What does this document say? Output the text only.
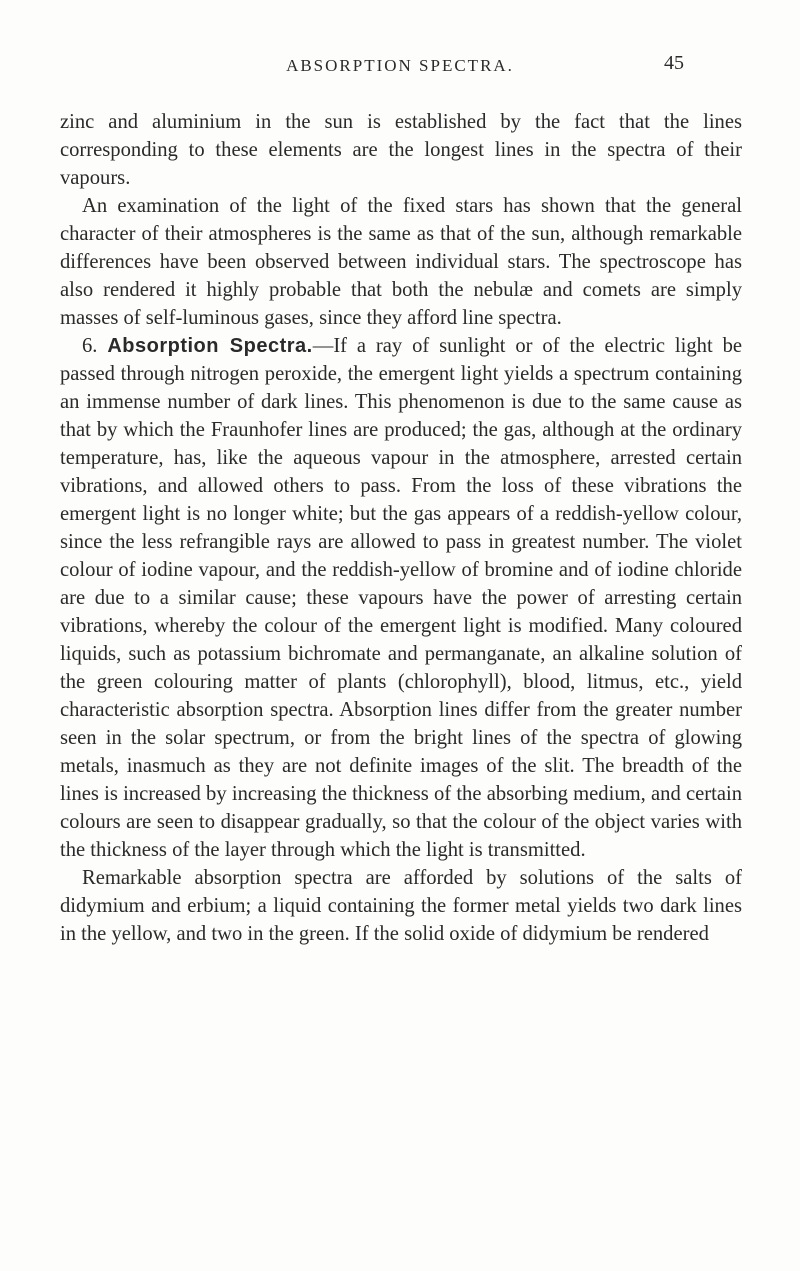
ABSORPTION SPECTRA.	45

zinc and aluminium in the sun is established by the fact that the lines corresponding to these elements are the longest lines in the spectra of their vapours.

An examination of the light of the fixed stars has shown that the general character of their atmospheres is the same as that of the sun, although remarkable differences have been observed between individual stars. The spectroscope has also rendered it highly probable that both the nebulæ and comets are simply masses of self-luminous gases, since they afford line spectra.

6. Absorption Spectra.—If a ray of sunlight or of the electric light be passed through nitrogen peroxide, the emergent light yields a spectrum containing an immense number of dark lines. This phenomenon is due to the same cause as that by which the Fraunhofer lines are produced; the gas, although at the ordinary temperature, has, like the aqueous vapour in the atmosphere, arrested certain vibrations, and allowed others to pass. From the loss of these vibrations the emergent light is no longer white; but the gas appears of a reddish-yellow colour, since the less refrangible rays are allowed to pass in greatest number. The violet colour of iodine vapour, and the reddish-yellow of bromine and of iodine chloride are due to a similar cause; these vapours have the power of arresting certain vibrations, whereby the colour of the emergent light is modified. Many coloured liquids, such as potassium bichromate and permanganate, an alkaline solution of the green colouring matter of plants (chlorophyll), blood, litmus, etc., yield characteristic absorption spectra. Absorption lines differ from the greater number seen in the solar spectrum, or from the bright lines of the spectra of glowing metals, inasmuch as they are not definite images of the slit. The breadth of the lines is increased by increasing the thickness of the absorbing medium, and certain colours are seen to disappear gradually, so that the colour of the object varies with the thickness of the layer through which the light is transmitted.

Remarkable absorption spectra are afforded by solutions of the salts of didymium and erbium; a liquid containing the former metal yields two dark lines in the yellow, and two in the green. If the solid oxide of didymium be rendered
